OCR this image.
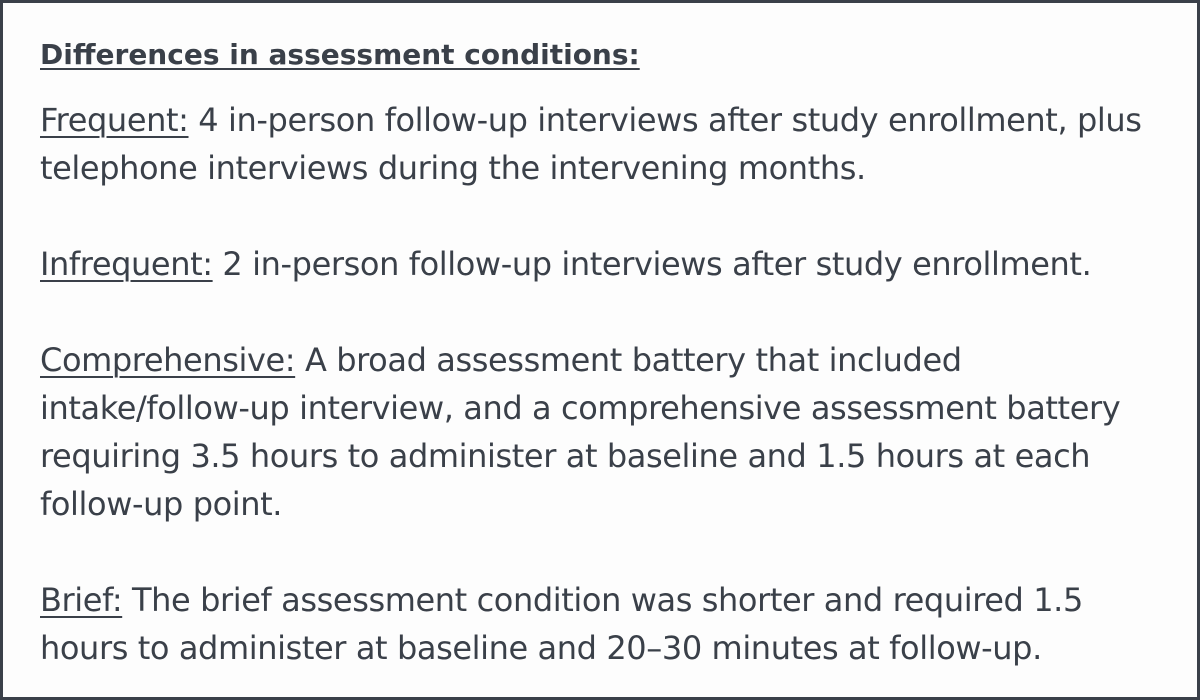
Differences in assessment conditions:

Frequent: 4 in-person follow-up interviews after study enrollment, plus telephone interviews during the intervening months.

Infrequent: 2 in-person follow-up interviews after study enrollment.

Comprehensive: A broad assessment battery that included intake/follow-up interview, and a comprehensive assessment battery requiring 3.5 hours to administer at baseline and 1.5 hours at each follow-up point.

Brief: The brief assessment condition was shorter and required 1.5 hours to administer at baseline and 20–30 minutes at follow-up.
